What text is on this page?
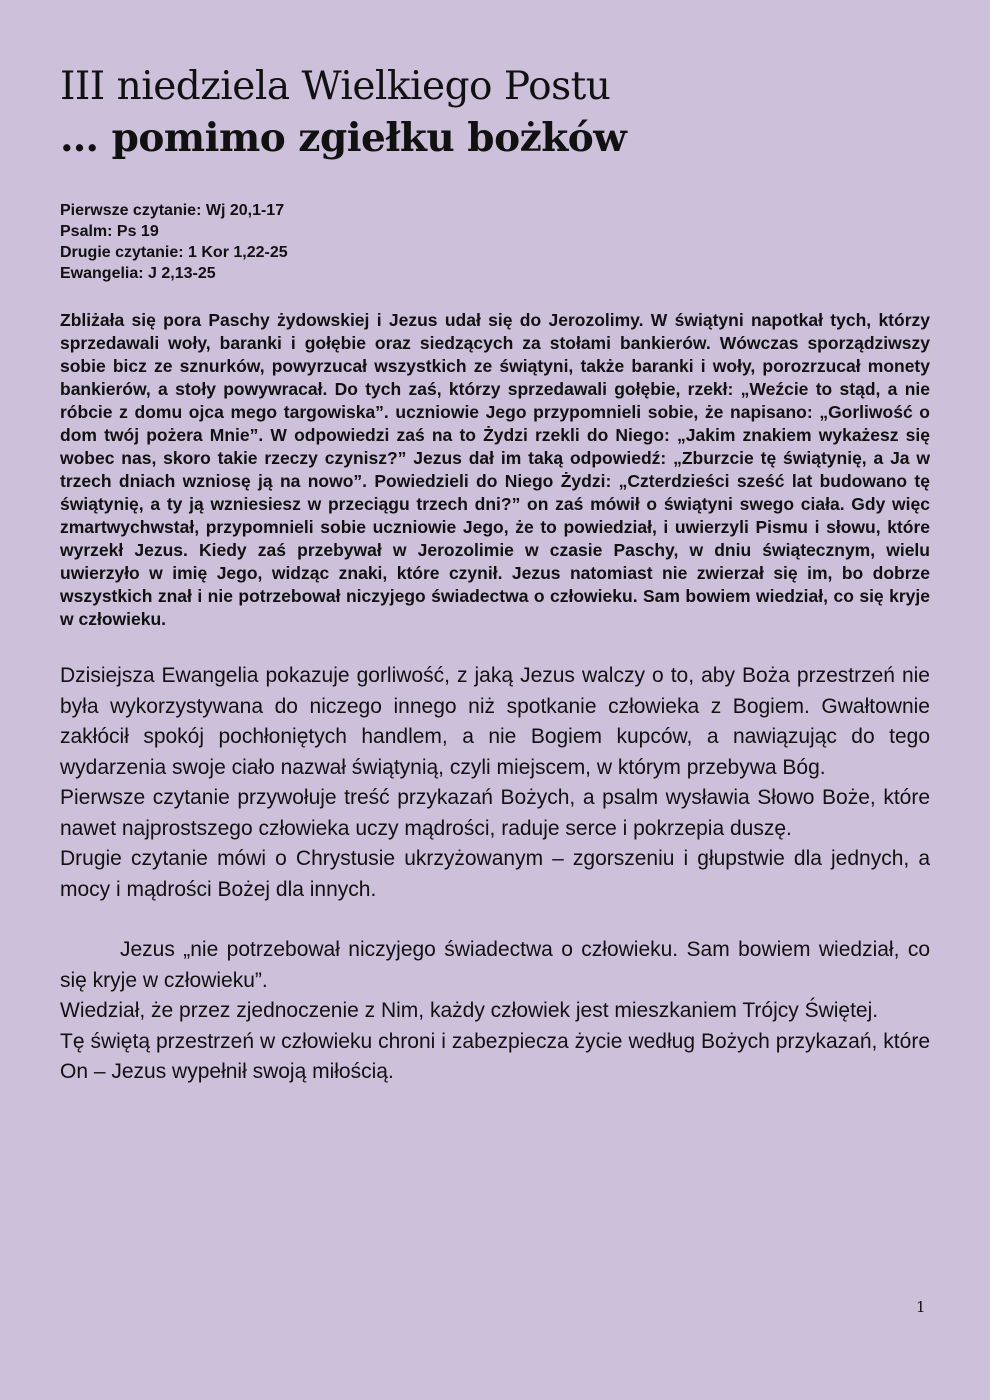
III niedziela Wielkiego Postu
… pomimo zgiełku bożków
Pierwsze czytanie: Wj 20,1-17
Psalm: Ps 19
Drugie czytanie: 1 Kor 1,22-25
Ewangelia: J 2,13-25

Zbliżała się pora Paschy żydowskiej i Jezus udał się do Jerozolimy. W świątyni napotkał tych, którzy sprzedawali woły, baranki i gołębie oraz siedzących za stołami bankierów. Wówczas sporządziwszy sobie bicz ze sznurków, powyrzucał wszystkich ze świątyni, także baranki i woły, porozrzucał monety bankierów, a stoły powywracał. Do tych zaś, którzy sprzedawali gołębie, rzekł: „Weźcie to stąd, a nie róbcie z domu ojca mego targowiska”. uczniowie Jego przypomnieli sobie, że napisano: „Gorliwość o dom twój pożera Mnie”. W odpowiedzi zaś na to Żydzi rzekli do Niego: „Jakim znakiem wykażesz się wobec nas, skoro takie rzeczy czynisz?” Jezus dał im taką odpowiedź: „Zburzcie tę świątynię, a Ja w trzech dniach wzniosę ją na nowo”. Powiedzieli do Niego Żydzi: „Czterdzieści sześć lat budowano tę świątynię, a ty ją wzniesiesz w przeciągu trzech dni?” on zaś mówił o świątyni swego ciała. Gdy więc zmartwychwstał, przypomnieli sobie uczniowie Jego, że to powiedział, i uwierzyli Pismu i słowu, które wyrzekł Jezus. Kiedy zaś przebywał w Jerozolimie w czasie Paschy, w dniu świątecznym, wielu uwierzyło w imię Jego, widząc znaki, które czynił. Jezus natomiast nie zwierzał się im, bo dobrze wszystkich znał i nie potrzebował niczyjego świadectwa o człowieku. Sam bowiem wiedział, co się kryje w człowieku.

Dzisiejsza Ewangelia pokazuje gorliwość, z jaką Jezus walczy o to, aby Boża przestrzeń nie była wykorzystywana do niczego innego niż spotkanie człowieka z Bogiem. Gwałtownie zakłócił spokój pochłoniętych handlem, a nie Bogiem kupców, a nawiązując do tego wydarzenia swoje ciało nazwał świątynią, czyli miejscem, w którym przebywa Bóg.

Pierwsze czytanie przywołuje treść przykazań Bożych, a psalm wysławia Słowo Boże, które nawet najprostszego człowieka uczy mądrości, raduje serce i pokrzepia duszę.

Drugie czytanie mówi o Chrystusie ukrzyżowanym – zgorszeniu i głupstwie dla jednych, a mocy i mądrości Bożej dla innych.

Jezus „nie potrzebował niczyjego świadectwa o człowieku. Sam bowiem wiedział, co się kryje w człowieku”.

Wiedział, że przez zjednoczenie z Nim, każdy człowiek jest mieszkaniem Trójcy Świętej.

Tę świętą przestrzeń w człowieku chroni i zabezpiecza życie według Bożych przykazań, które On – Jezus wypełnił swoją miłością.

1
